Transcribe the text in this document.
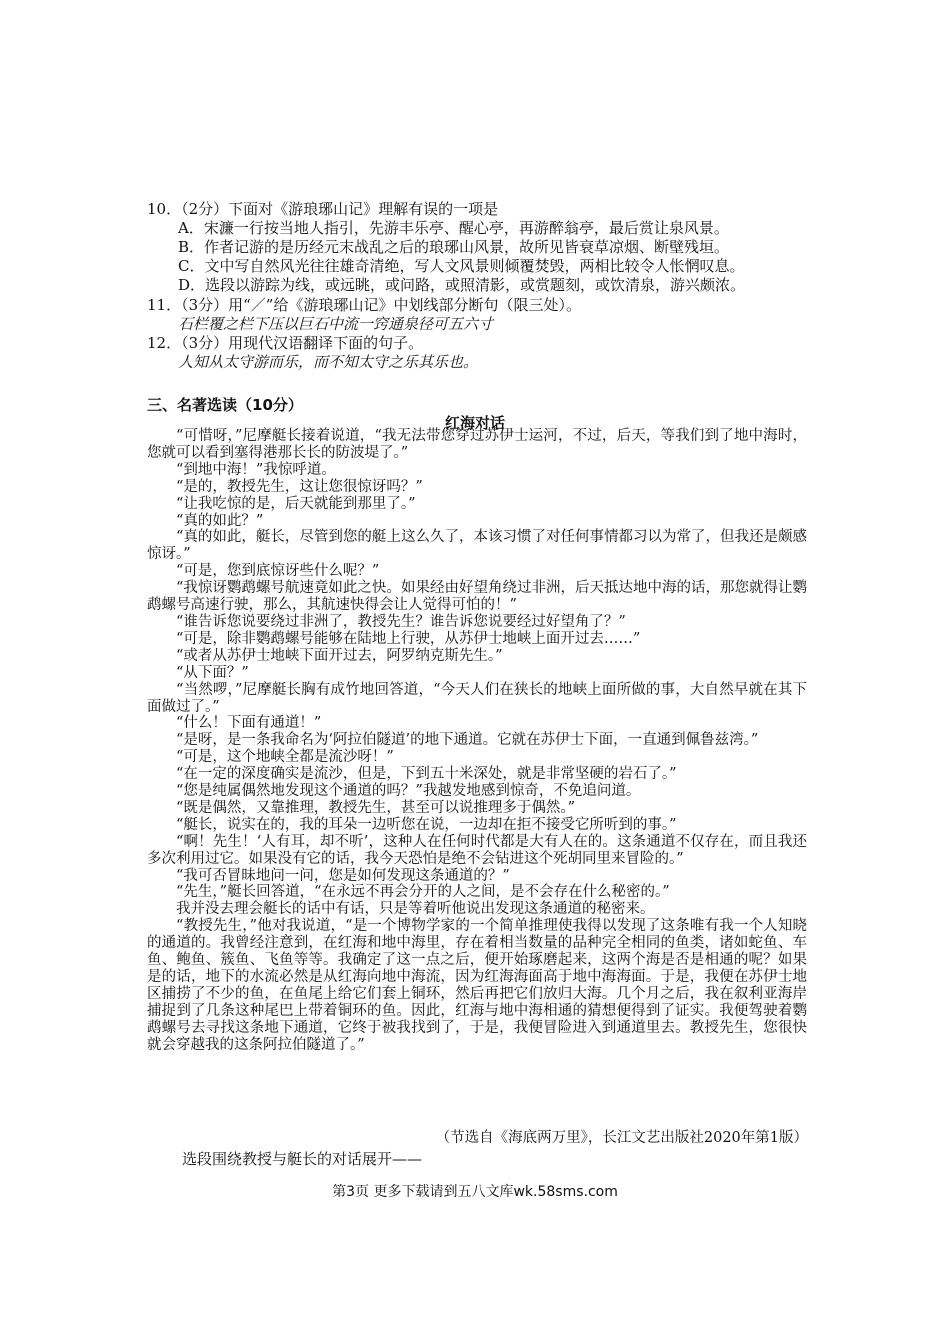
10．（2分）下面对《游琅琊山记》理解有误的一项是
A．宋濂一行按当地人指引，先游丰乐亭、醒心亭，再游醉翁亭，最后赏让泉风景。
B．作者记游的是历经元末战乱之后的琅琊山风景，故所见皆衰草凉烟、断壁残垣。
C．文中写自然风光往往雄奇清绝，写人文风景则倾覆焚毁，两相比较令人怅惘叹息。
D．选段以游踪为线，或远眺，或问路，或照清影，或赏题刻，或饮清泉，游兴颇浓。
11．（3分）用“／”给《游琅琊山记》中划线部分断句（限三处）。
石栏覆之栏下压以巨石中流一窍通泉径可五六寸
12．（3分）用现代汉语翻译下面的句子。
人知从太守游而乐，而不知太守之乐其乐也。
三、名著选读（10分）
红海对话

“可惜呀，”尼摩艇长接着说道，“我无法带您穿过苏伊士运河，不过，后天，等我们到了地中海时，您就可以看到塞得港那长长的防波堤了。”

“到地中海！”我惊呼道。

“是的，教授先生，这让您很惊讶吗？”

“让我吃惊的是，后天就能到那里了。”

“真的如此？”

“真的如此，艇长，尽管到您的艇上这么久了，本该习惯了对任何事情都习以为常了，但我还是颇感惊讶。”

“可是，您到底惊讶些什么呢？”

“我惊讶鹦鹉螺号航速竟如此之快。如果经由好望角绕过非洲，后天抵达地中海的话，那您就得让鹦鹉螺号高速行驶，那么，其航速快得会让人觉得可怕的！”

“谁告诉您说要绕过非洲了，教授先生？谁告诉您说要经过好望角了？”

“可是，除非鹦鹉螺号能够在陆地上行驶，从苏伊士地峡上面开过去……”

“或者从苏伊士地峡下面开过去，阿罗纳克斯先生。”

“从下面？”

“当然啰，”尼摩艇长胸有成竹地回答道，“今天人们在狭长的地峡上面所做的事，大自然早就在其下面做过了。”

“什么！下面有通道！”

“是呀，是一条我命名为‘阿拉伯隧道’的地下通道。它就在苏伊士下面，一直通到佩鲁兹湾。”

“可是，这个地峡全都是流沙呀！”

“在一定的深度确实是流沙，但是，下到五十米深处，就是非常坚硬的岩石了。”

“您是纯属偶然地发现这个通道的吗？”我越发地感到惊奇，不免追问道。

“既是偶然，又靠推理，教授先生，甚至可以说推理多于偶然。”

“艇长，说实在的，我的耳朵一边听您在说，一边却在拒不接受它所听到的事。”

“啊！先生！‘人有耳，却不听’，这种人在任何时代都是大有人在的。这条通道不仅存在，而且我还多次利用过它。如果没有它的话，我今天恐怕是绝不会钻进这个死胡同里来冒险的。”

“我可否冒昧地问一问，您是如何发现这条通道的？”

“先生，”艇长回答道，“在永远不再会分开的人之间，是不会存在什么秘密的。”

我并没去理会艇长的话中有话，只是等着听他说出发现这条通道的秘密来。

“教授先生，”他对我说道，“是一个博物学家的一个简单推理使我得以发现了这条唯有我一个人知晓的通道的。我曾经注意到，在红海和地中海里，存在着相当数量的品种完全相同的鱼类，诸如蛇鱼、车鱼、鲍鱼、簇鱼、飞鱼等等。我确定了这一点之后，便开始琢磨起来，这两个海是否是相通的呢？如果是的话，地下的水流必然是从红海向地中海流，因为红海海面高于地中海海面。于是，我便在苏伊士地区捕捞了不少的鱼，在鱼尾上给它们套上铜环，然后再把它们放归大海。几个月之后，我在叙利亚海岸捕捉到了几条这种尾巴上带着铜环的鱼。因此，红海与地中海相通的猜想便得到了证实。我便驾驶着鹦鹉螺号去寻找这条地下通道，它终于被我找到了，于是，我便冒险进入到通道里去。教授先生，您很快就会穿越我的这条阿拉伯隧道了。”

（节选自《海底两万里》，长江文艺出版社2020年第1版）
选段围绕教授与艇长的对话展开——
第3页 更多下载请到五八文库wk.58sms.com
